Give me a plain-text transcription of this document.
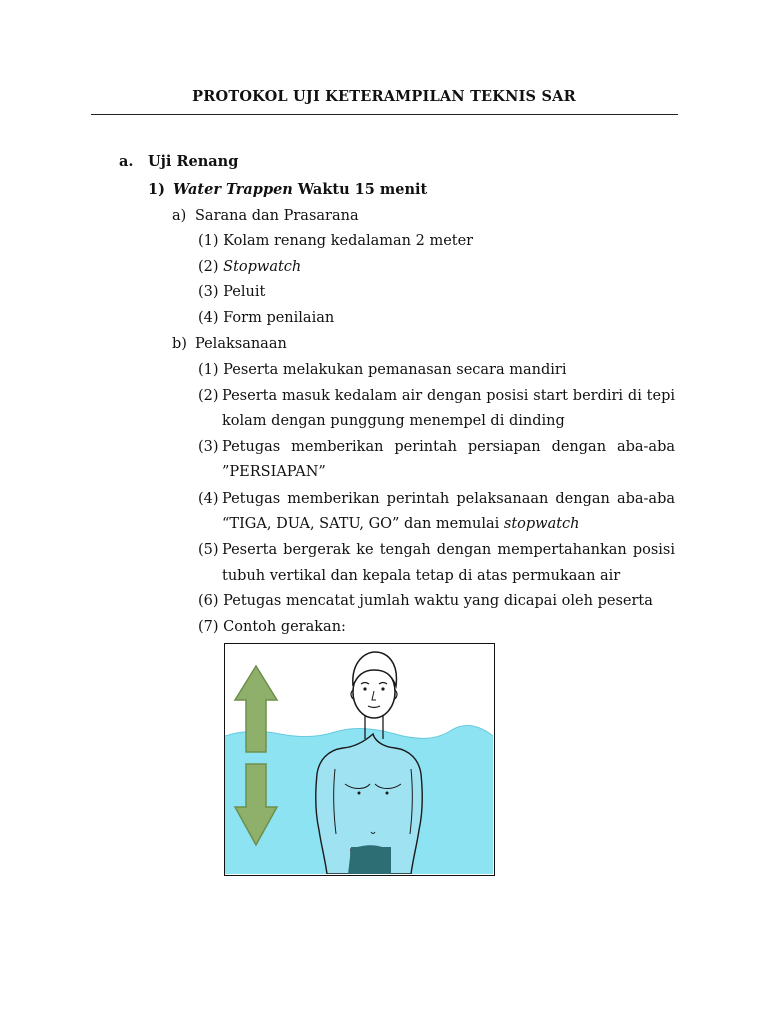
PROTOKOL UJI KETERAMPILAN TEKNIS SAR
a. Uji Renang
1) Water Trappen Waktu 15 menit
a) Sarana dan Prasarana
(1) Kolam renang kedalaman 2 meter
(2) Stopwatch
(3) Peluit
(4) Form penilaian
b) Pelaksanaan
(1) Peserta melakukan pemanasan secara mandiri
(2) Peserta masuk kedalam air dengan posisi start berdiri di tepi
kolam dengan punggung menempel di dinding
(3) Petugas memberikan perintah persiapan dengan aba-aba
”PERSIAPAN”
(4) Petugas memberikan perintah pelaksanaan dengan aba-aba
“TIGA, DUA, SATU, GO” dan memulai stopwatch
(5) Peserta bergerak ke tengah dengan mempertahankan posisi
tubuh vertikal dan kepala tetap di atas permukaan air
(6) Petugas mencatat jumlah waktu yang dicapai oleh peserta
(7) Contoh gerakan:
